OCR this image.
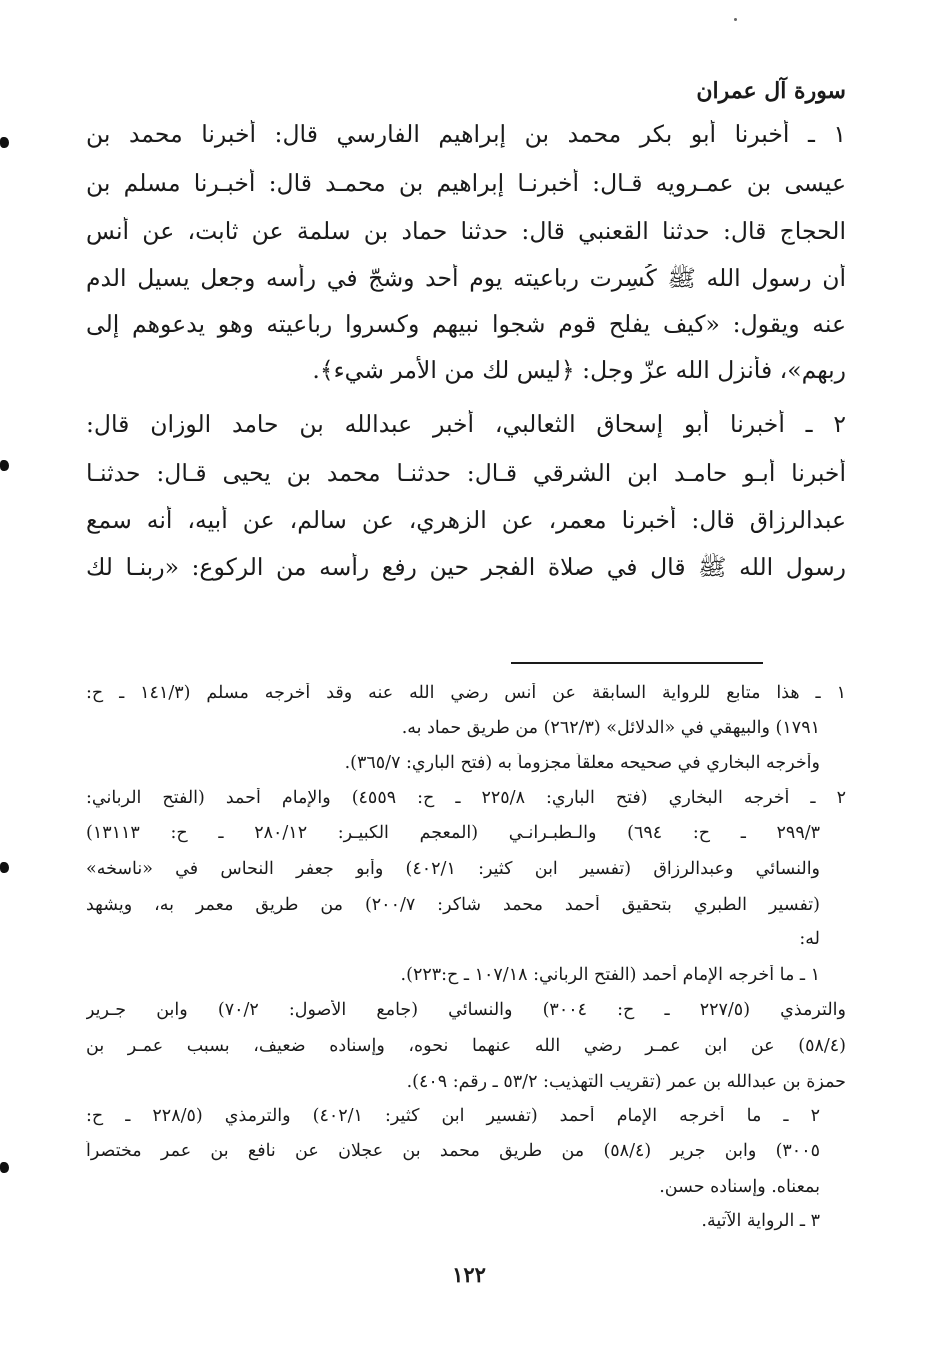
سورة آل عمران
١ ـ أخبرنا أبو بكر محمد بن إبراهيم الفارسي قال: أخبرنا محمد بن
عيسى بن عمـرويه قـال: أخبرنـا إبراهيم بن محمـد قال: أخبـرنا مسلم بن
الحجاج قال: حدثنا القعنبي قال: حدثنا حماد بن سلمة عن ثابت، عن أنس
أن رسول الله ﷺ كُسِرت رباعيته يوم أُحد وشجّ في رأسه وجعل يسيل الدم
عنه ويقول: «كيف يفلح قوم شجوا نبيهم وكسروا رباعيته وهو يدعوهم إلى
ربهم»، فأنزل الله عزّ وجل: ﴿ليس لك من الأمر شيء﴾.
٢ ـ أخبرنا أبو إسحاق الثعالبي، أخبر عبدالله بن حامد الوزان قال:
أخبرنا أبـو حامـد ابن الشرقي قـال: حدثنـا محمد بن يحيى قـال: حدثنـا
عبدالرزاق قال: أخبرنا معمر، عن الزهري، عن سالم، عن أبيه، أنه سمع
رسول الله ﷺ قال في صلاة الفجر حين رفع رأسه من الركوع: «ربنـا لك
١ ـ هذا متابع للرواية السابقة عن أنس رضي الله عنه وقد أخرجه مسلم (١٤١/٣ ـ ح:
١٧٩١) والبيهقي في «الدلائل» (٢٦٢/٣) من طريق حماد به.
وأخرجه البخاري في صحيحه معلقاً مجزوماً به (فتح الباري: ٣٦٥/٧).
٢ ـ أخرجه البخاري (فتح الباري: ٢٢٥/٨ ـ ح: ٤٥٥٩) والإمام أحمد (الفتح الرباني:
٢٩٩/٣ ـ ح: ٦٩٤) والـطبـرانـي (المعجم الكبيـر: ٢٨٠/١٢ ـ ح: ١٣١١٣)
والنسائي وعبدالرزاق (تفسير ابن كثير: ٤٠٢/١) وأبو جعفر النحاس في «ناسخه»
(تفسير الطبري بتحقيق أحمد محمد شاكر: ٢٠٠/٧) من طريق معمر به، ويشهد
له:
١ ـ ما أخرجه الإمام أحمد (الفتح الرباني: ١٠٧/١٨ ـ ح:٢٢٣).
والترمذي (٢٢٧/٥ ـ ح: ٣٠٠٤) والنسائي (جامع الأصول: ٧٠/٢) وابن جـرير
(٥٨/٤) عن ابن عمـر رضي الله عنهما نحوه، وإسناده ضعيف، بسبب عمـر بن
حمزة بن عبدالله بن عمر (تقريب التهذيب: ٥٣/٢ ـ رقم: ٤٠٩).
٢ ـ ما أخرجه الإمام أحمد (تفسير ابن كثير: ٤٠٢/١) والترمذي (٢٢٨/٥ ـ ح:
٣٠٠٥) وابن جرير (٥٨/٤) من طريق محمد بن عجلان عن نافع بن عمر مختصراً
بمعناه. وإسناده حسن.
٣ ـ الرواية الآتية.
١٢٢
